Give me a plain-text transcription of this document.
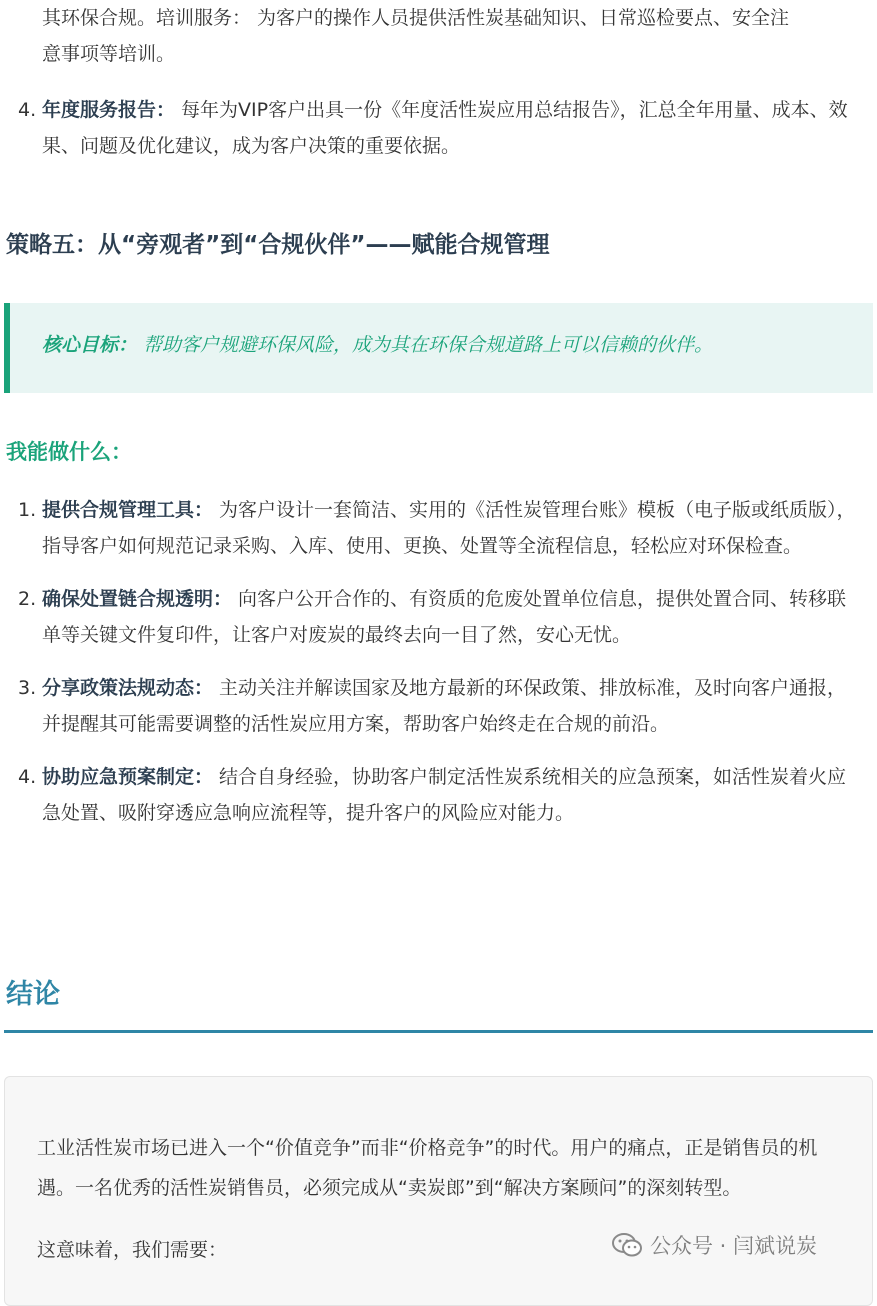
其环保合规。培训服务： 为客户的操作人员提供活性炭基础知识、日常巡检要点、安全注
意事项等培训。
4. 年度服务报告： 每年为VIP客户出具一份《年度活性炭应用总结报告》，汇总全年用量、成本、效果、问题及优化建议，成为客户决策的重要依据。
策略五：从“旁观者”到“合规伙伴”——赋能合规管理
核心目标： 帮助客户规避环保风险，成为其在环保合规道路上可以信赖的伙伴。
我能做什么：
1. 提供合规管理工具： 为客户设计一套简洁、实用的《活性炭管理台账》模板（电子版或纸质版），指导客户如何规范记录采购、入库、使用、更换、处置等全流程信息，轻松应对环保检查。
2. 确保处置链合规透明： 向客户公开合作的、有资质的危废处置单位信息，提供处置合同、转移联单等关键文件复印件，让客户对废炭的最终去向一目了然，安心无忧。
3. 分享政策法规动态： 主动关注并解读国家及地方最新的环保政策、排放标准，及时向客户通报，并提醒其可能需要调整的活性炭应用方案，帮助客户始终走在合规的前沿。
4. 协助应急预案制定： 结合自身经验，协助客户制定活性炭系统相关的应急预案，如活性炭着火应急处置、吸附穿透应急响应流程等，提升客户的风险应对能力。
结论
工业活性炭市场已进入一个“价值竞争”而非“价格竞争”的时代。用户的痛点，正是销售员的机遇。一名优秀的活性炭销售员，必须完成从“卖炭郎”到“解决方案顾问”的深刻转型。
这意味着，我们需要：	公众号 · 闫斌说炭
